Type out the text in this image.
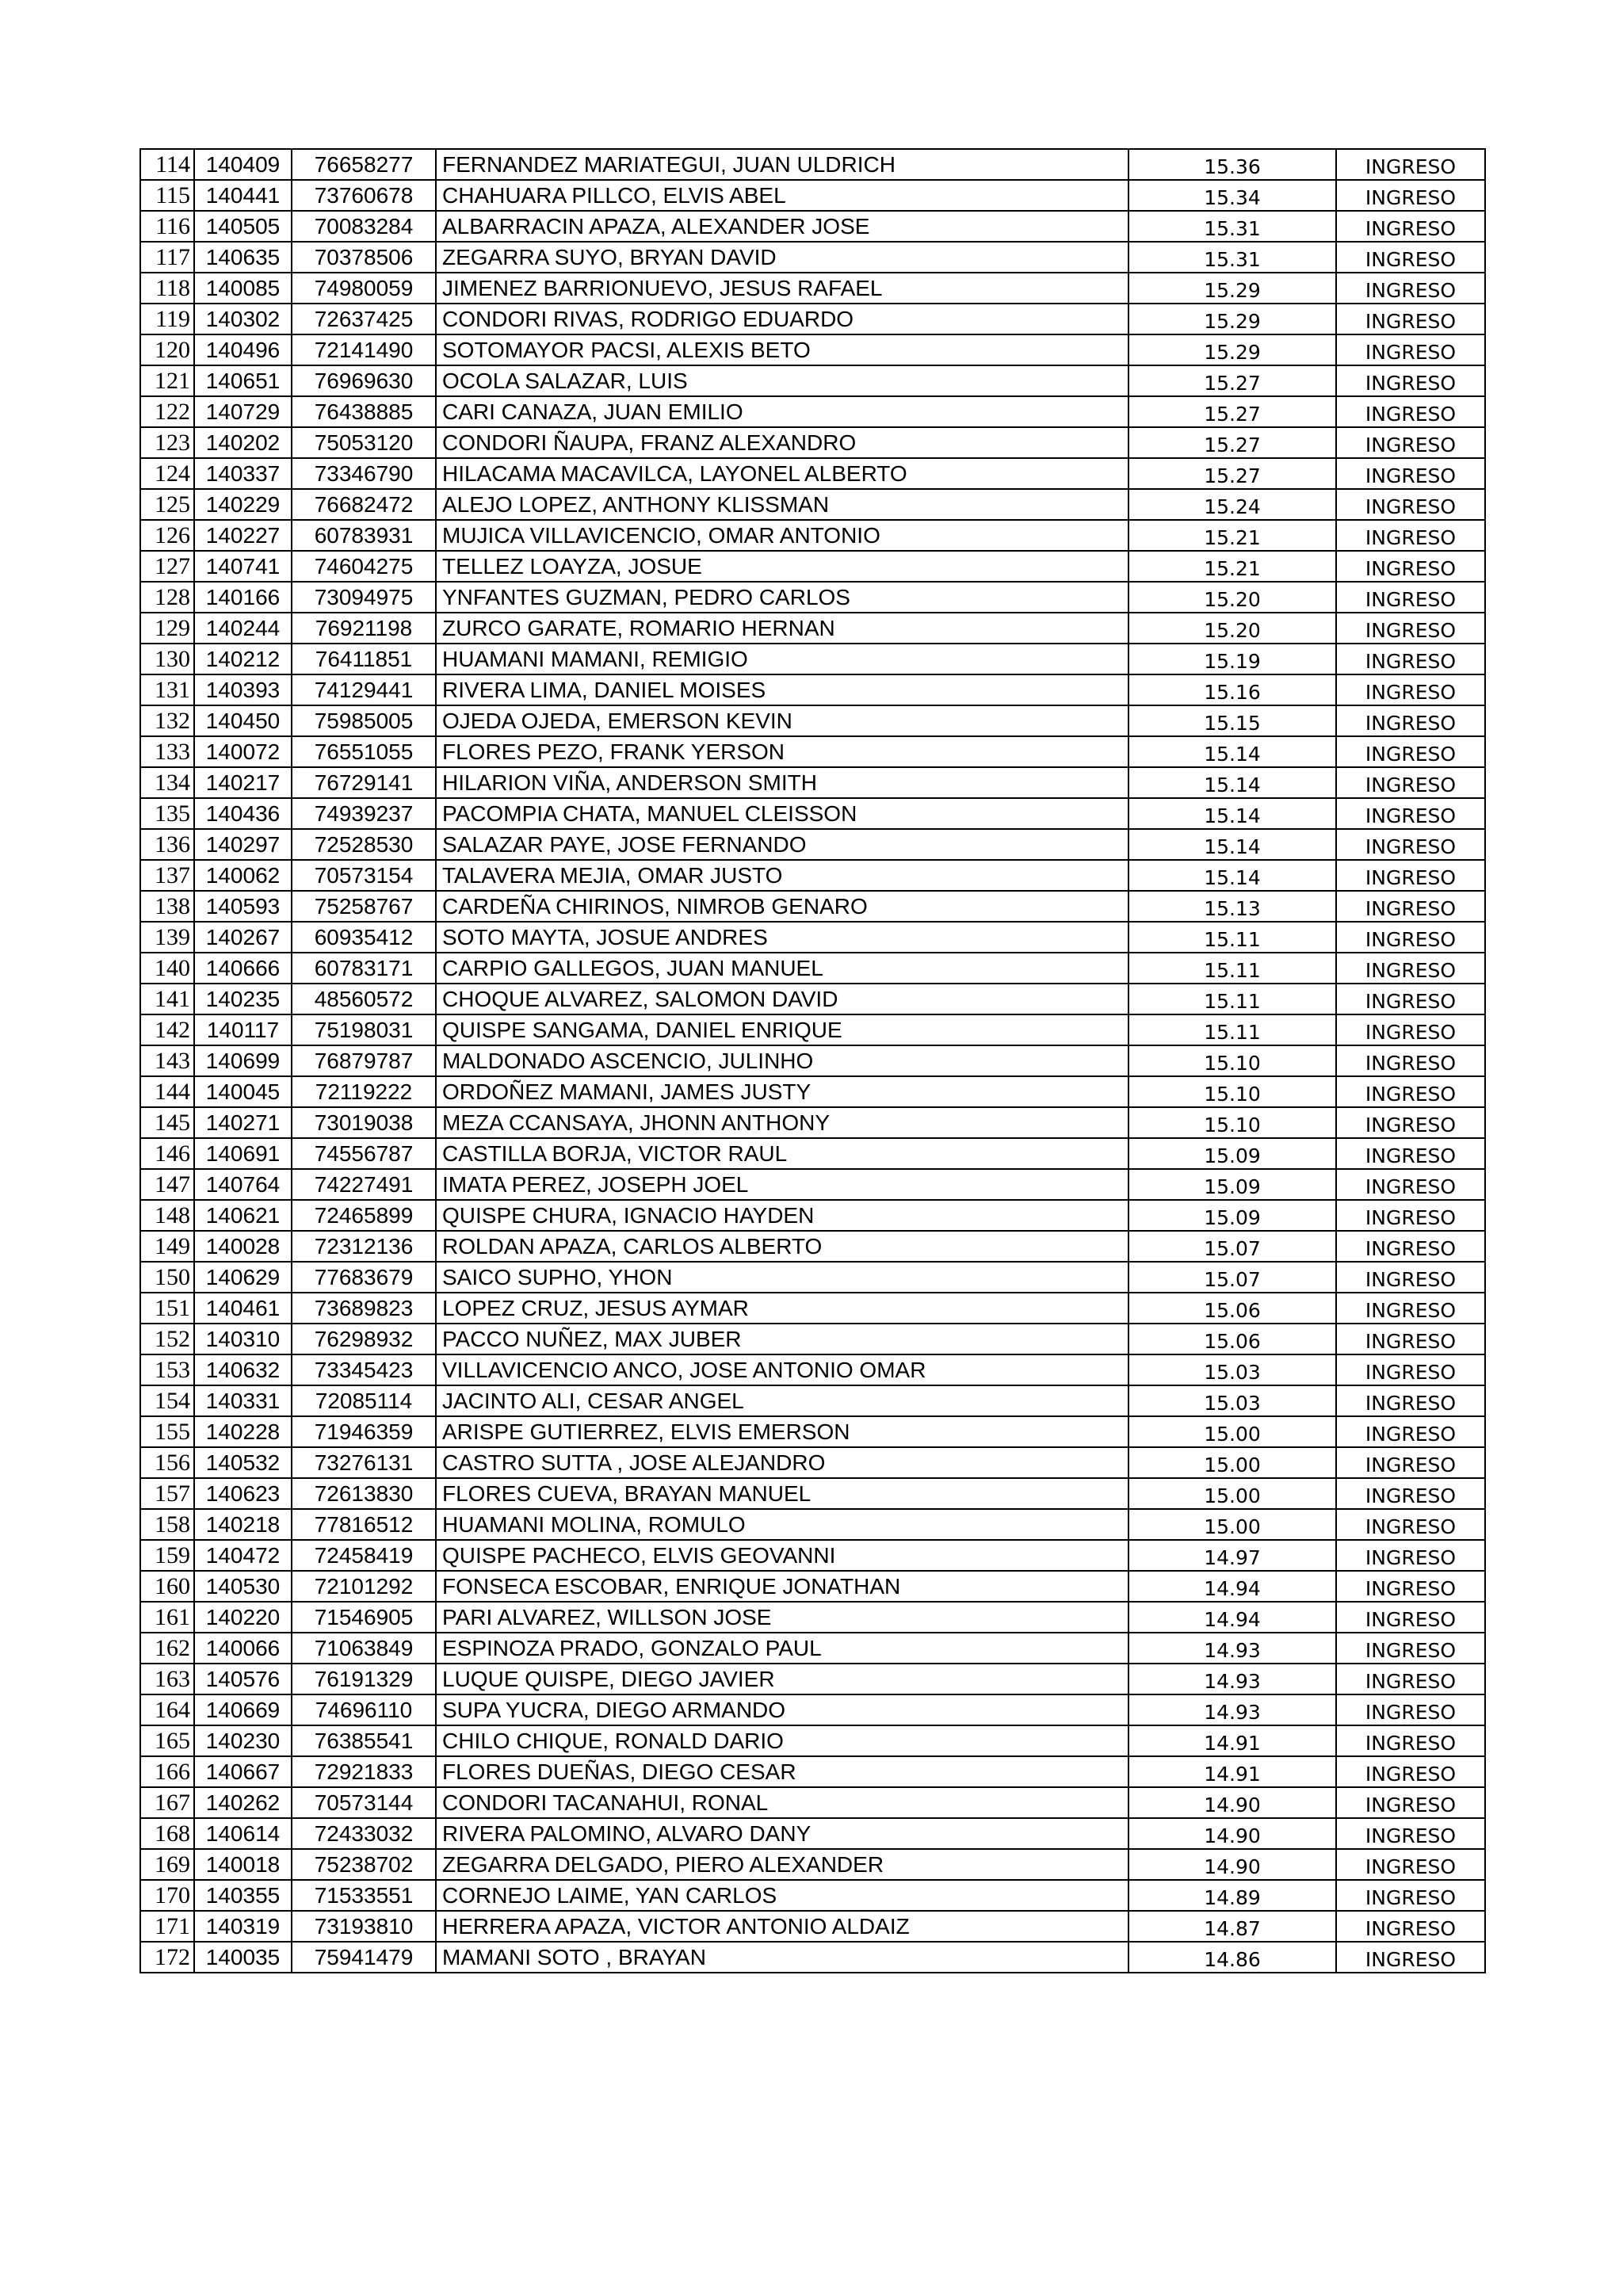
114	140409	76658277	FERNANDEZ MARIATEGUI, JUAN ULDRICH	15.36	INGRESO
115	140441	73760678	CHAHUARA PILLCO, ELVIS ABEL	15.34	INGRESO
116	140505	70083284	ALBARRACIN APAZA, ALEXANDER JOSE	15.31	INGRESO
117	140635	70378506	ZEGARRA SUYO, BRYAN DAVID	15.31	INGRESO
118	140085	74980059	JIMENEZ BARRIONUEVO, JESUS RAFAEL	15.29	INGRESO
119	140302	72637425	CONDORI RIVAS, RODRIGO EDUARDO	15.29	INGRESO
120	140496	72141490	SOTOMAYOR PACSI, ALEXIS BETO	15.29	INGRESO
121	140651	76969630	OCOLA SALAZAR, LUIS	15.27	INGRESO
122	140729	76438885	CARI CANAZA, JUAN EMILIO	15.27	INGRESO
123	140202	75053120	CONDORI ÑAUPA, FRANZ ALEXANDRO	15.27	INGRESO
124	140337	73346790	HILACAMA MACAVILCA, LAYONEL ALBERTO	15.27	INGRESO
125	140229	76682472	ALEJO LOPEZ, ANTHONY KLISSMAN	15.24	INGRESO
126	140227	60783931	MUJICA VILLAVICENCIO, OMAR ANTONIO	15.21	INGRESO
127	140741	74604275	TELLEZ LOAYZA, JOSUE	15.21	INGRESO
128	140166	73094975	YNFANTES GUZMAN, PEDRO CARLOS	15.20	INGRESO
129	140244	76921198	ZURCO GARATE, ROMARIO HERNAN	15.20	INGRESO
130	140212	76411851	HUAMANI MAMANI, REMIGIO	15.19	INGRESO
131	140393	74129441	RIVERA LIMA, DANIEL MOISES	15.16	INGRESO
132	140450	75985005	OJEDA OJEDA, EMERSON KEVIN	15.15	INGRESO
133	140072	76551055	FLORES PEZO, FRANK YERSON	15.14	INGRESO
134	140217	76729141	HILARION VIÑA, ANDERSON SMITH	15.14	INGRESO
135	140436	74939237	PACOMPIA CHATA, MANUEL CLEISSON	15.14	INGRESO
136	140297	72528530	SALAZAR PAYE, JOSE FERNANDO	15.14	INGRESO
137	140062	70573154	TALAVERA MEJIA, OMAR JUSTO	15.14	INGRESO
138	140593	75258767	CARDEÑA CHIRINOS, NIMROB GENARO	15.13	INGRESO
139	140267	60935412	SOTO MAYTA, JOSUE ANDRES	15.11	INGRESO
140	140666	60783171	CARPIO GALLEGOS, JUAN MANUEL	15.11	INGRESO
141	140235	48560572	CHOQUE ALVAREZ, SALOMON DAVID	15.11	INGRESO
142	140117	75198031	QUISPE SANGAMA, DANIEL ENRIQUE	15.11	INGRESO
143	140699	76879787	MALDONADO ASCENCIO, JULINHO	15.10	INGRESO
144	140045	72119222	ORDOÑEZ MAMANI, JAMES JUSTY	15.10	INGRESO
145	140271	73019038	MEZA CCANSAYA, JHONN ANTHONY	15.10	INGRESO
146	140691	74556787	CASTILLA BORJA, VICTOR RAUL	15.09	INGRESO
147	140764	74227491	IMATA PEREZ, JOSEPH JOEL	15.09	INGRESO
148	140621	72465899	QUISPE CHURA, IGNACIO HAYDEN	15.09	INGRESO
149	140028	72312136	ROLDAN APAZA, CARLOS ALBERTO	15.07	INGRESO
150	140629	77683679	SAICO SUPHO, YHON	15.07	INGRESO
151	140461	73689823	LOPEZ CRUZ, JESUS AYMAR	15.06	INGRESO
152	140310	76298932	PACCO NUÑEZ, MAX JUBER	15.06	INGRESO
153	140632	73345423	VILLAVICENCIO ANCO, JOSE ANTONIO OMAR	15.03	INGRESO
154	140331	72085114	JACINTO ALI, CESAR ANGEL	15.03	INGRESO
155	140228	71946359	ARISPE GUTIERREZ, ELVIS EMERSON	15.00	INGRESO
156	140532	73276131	CASTRO SUTTA , JOSE ALEJANDRO	15.00	INGRESO
157	140623	72613830	FLORES CUEVA, BRAYAN MANUEL	15.00	INGRESO
158	140218	77816512	HUAMANI MOLINA, ROMULO	15.00	INGRESO
159	140472	72458419	QUISPE PACHECO, ELVIS GEOVANNI	14.97	INGRESO
160	140530	72101292	FONSECA ESCOBAR, ENRIQUE JONATHAN	14.94	INGRESO
161	140220	71546905	PARI ALVAREZ, WILLSON JOSE	14.94	INGRESO
162	140066	71063849	ESPINOZA PRADO, GONZALO PAUL	14.93	INGRESO
163	140576	76191329	LUQUE QUISPE, DIEGO JAVIER	14.93	INGRESO
164	140669	74696110	SUPA YUCRA, DIEGO ARMANDO	14.93	INGRESO
165	140230	76385541	CHILO CHIQUE, RONALD DARIO	14.91	INGRESO
166	140667	72921833	FLORES DUEÑAS, DIEGO CESAR	14.91	INGRESO
167	140262	70573144	CONDORI TACANAHUI, RONAL	14.90	INGRESO
168	140614	72433032	RIVERA PALOMINO, ALVARO DANY	14.90	INGRESO
169	140018	75238702	ZEGARRA DELGADO, PIERO ALEXANDER	14.90	INGRESO
170	140355	71533551	CORNEJO LAIME, YAN CARLOS	14.89	INGRESO
171	140319	73193810	HERRERA APAZA, VICTOR ANTONIO ALDAIZ	14.87	INGRESO
172	140035	75941479	MAMANI SOTO , BRAYAN	14.86	INGRESO
